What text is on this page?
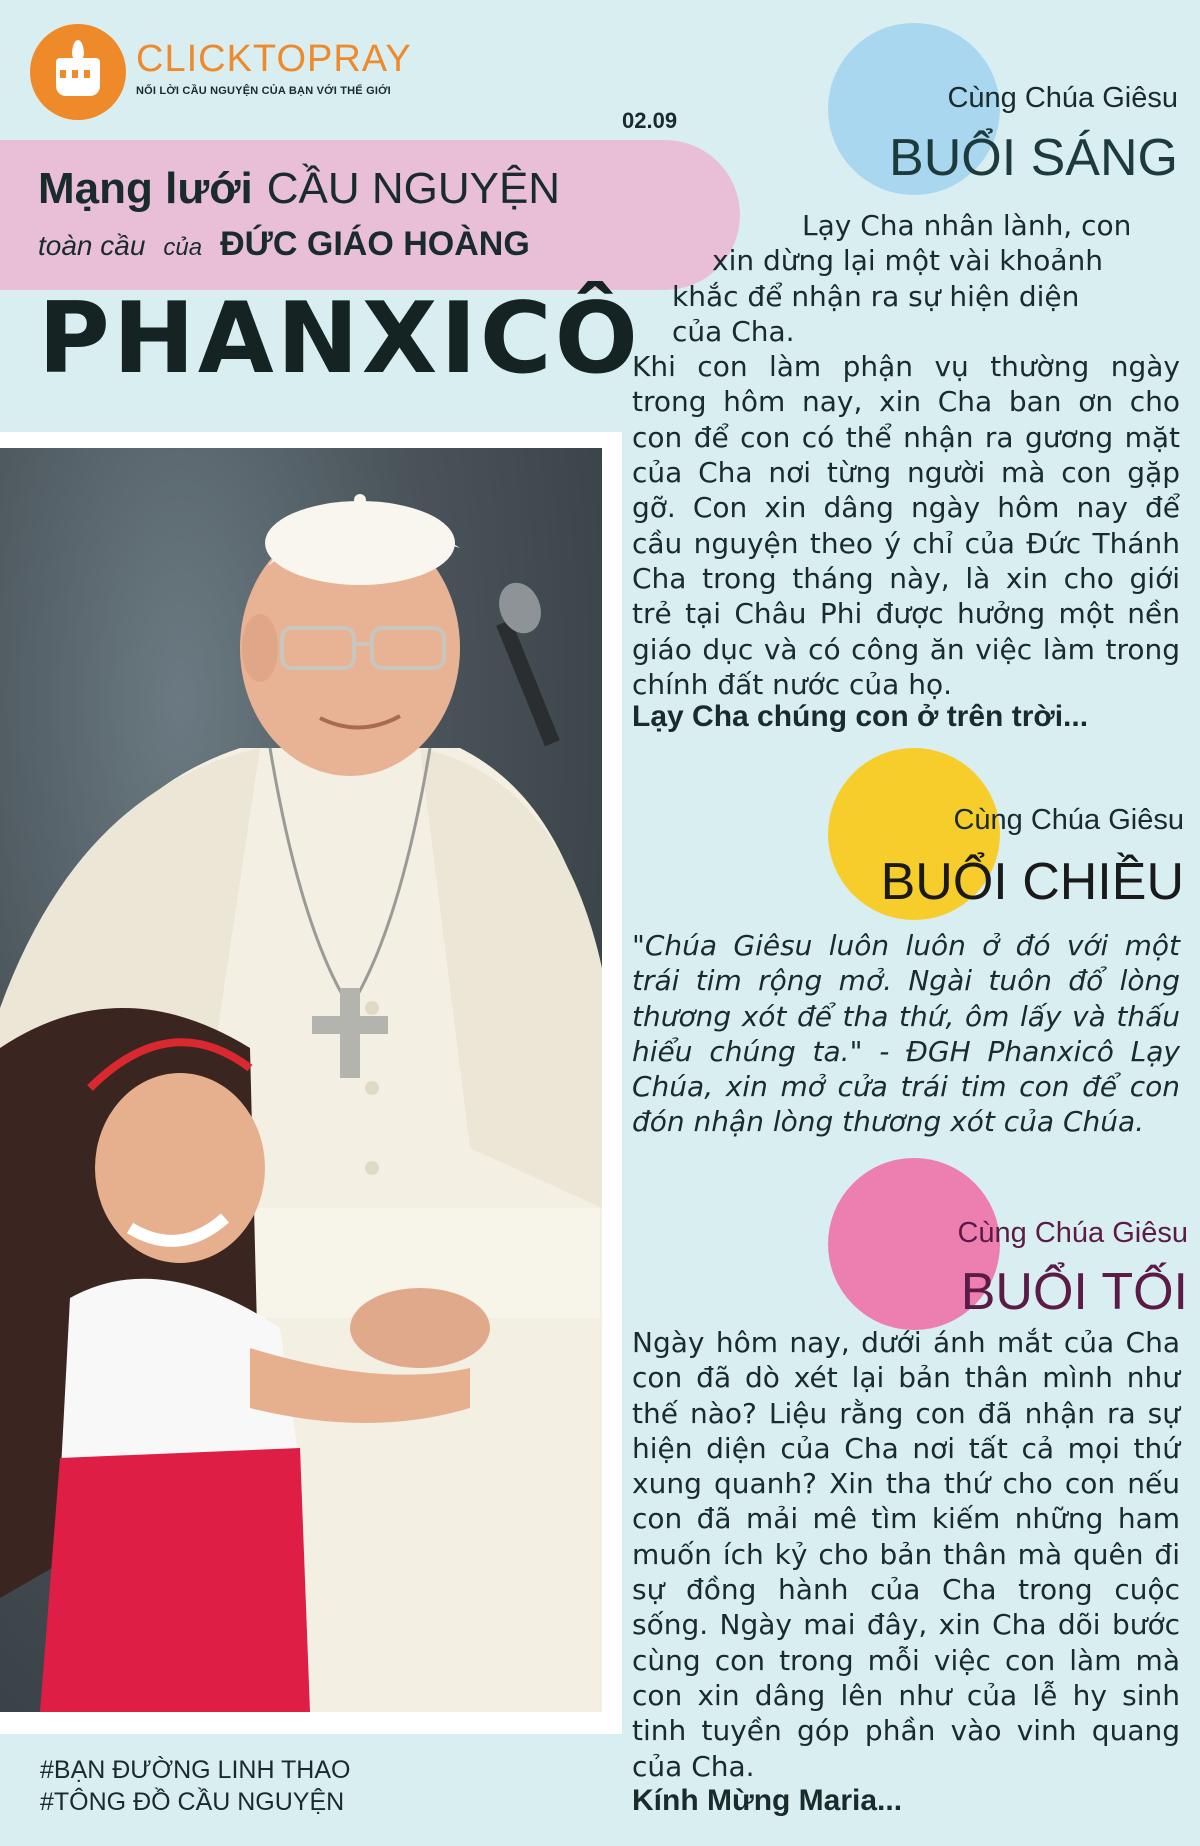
CLICKTOPRAY
NỐI LỜI CẦU NGUYỆN CỦA BẠN VỚI THẾ GIỚI
02.09
Mạng lưới CẦU NGUYỆN
toàn cầu của ĐỨC GIÁO HOÀNG
PHANXICÔ
Cùng Chúa Giêsu
BUỔI SÁNG
Lạy Cha nhân lành, con
xin dừng lại một vài khoảnh
khắc để nhận ra sự hiện diện
của Cha.
Khi con làm phận vụ thường ngày trong hôm nay, xin Cha ban ơn cho con để con có thể nhận ra gương mặt của Cha nơi từng người mà con gặp gỡ. Con xin dâng ngày hôm nay để cầu nguyện theo ý chỉ của Đức Thánh Cha trong tháng này, là xin cho giới trẻ tại Châu Phi được hưởng một nền giáo dục và có công ăn việc làm trong chính đất nước của họ.
Lạy Cha chúng con ở trên trời...
Cùng Chúa Giêsu
BUỔI CHIỀU
"Chúa Giêsu luôn luôn ở đó với một trái tim rộng mở. Ngài tuôn đổ lòng thương xót để tha thứ, ôm lấy và thấu hiểu chúng ta." - ĐGH Phanxicô Lạy Chúa, xin mở cửa trái tim con để con đón nhận lòng thương xót của Chúa.
Cùng Chúa Giêsu
BUỔI TỐI
Ngày hôm nay, dưới ánh mắt của Cha con đã dò xét lại bản thân mình như thế nào? Liệu rằng con đã nhận ra sự hiện diện của Cha nơi tất cả mọi thứ xung quanh? Xin tha thứ cho con nếu con đã mải mê tìm kiếm những ham muốn ích kỷ cho bản thân mà quên đi sự đồng hành của Cha trong cuộc sống. Ngày mai đây, xin Cha dõi bước cùng con trong mỗi việc con làm mà con xin dâng lên như của lễ hy sinh tinh tuyền góp phần vào vinh quang của Cha.
Kính Mừng Maria...
#BẠN ĐƯỜNG LINH THAO
#TÔNG ĐỒ CẦU NGUYỆN
